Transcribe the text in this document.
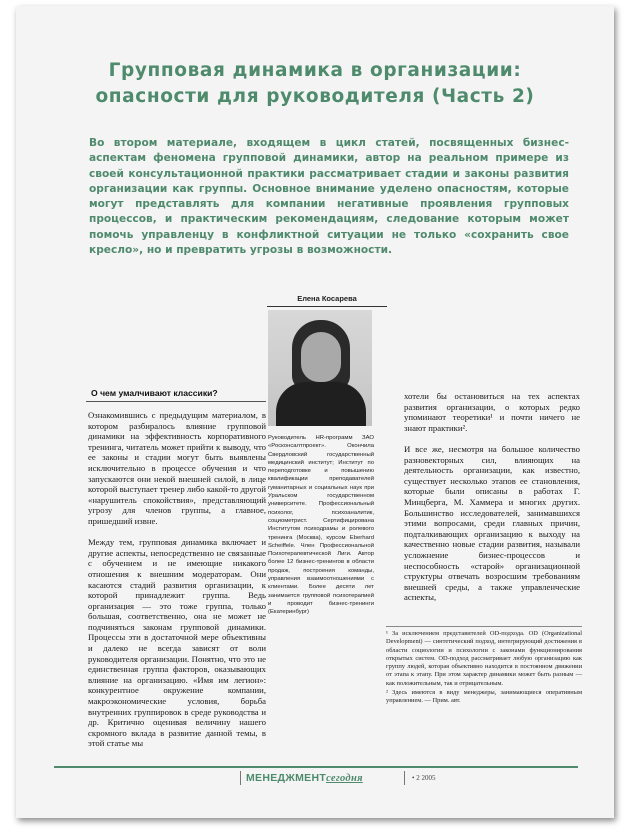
Групповая динамика в организации:
опасности для руководителя (Часть 2)

Во втором материале, входящем в цикл статей, посвященных бизнес-аспектам феномена групповой динамики, автор на реальном примере из своей консультационной практики рассматривает стадии и законы развития организации как группы. Основное внимание уделено опасностям, которые могут представлять для компании негативные проявления групповых процессов, и практическим рекомендациям, следование которым может помочь управленцу в конфликтной ситуации не только «сохранить свое кресло», но и превратить угрозы в возможности.

Елена Косарева

Руководитель HR-программ ЗАО «Росконсалтпроект». Окончила Свердловский государственный медицинский институт; Институт по переподготовке и повышению квалификации преподавателей гуманитарных и социальных наук при Уральском государственном университете. Профессиональный психолог, психоаналитик, социометрист. Сертифицирована Институтом психодрамы и ролевого тренинга (Москва), курсом Eberhard Scheiffele. Член Профессиональной Психотерапевтической Лиги. Автор более 12 бизнес-тренингов в области продаж, построения команды, управления взаимоотношениями с клиентами. Более десяти лет занимается групповой психотерапией и проводит бизнес-тренинги (Екатеринбург)

О чем умалчивают классики?

Ознакомившись с предыдущим материалом, в котором разбиралось влияние групповой динамики на эффективность корпоративного тренинга, читатель может прийти к выводу, что ее законы и стадии могут быть выявлены исключительно в процессе обучения и что запускаются они некой внешней силой, в лице которой выступает тренер либо какой-то другой «нарушитель спокойствия», представляющий угрозу для членов группы, а главное, пришедший извне.

Между тем, групповая динамика включает и другие аспекты, непосредственно не связанные с обучением и не имеющие никакого отношения к внешним модераторам. Они касаются стадий развития организации, к которой принадлежит группа. Ведь организация — это тоже группа, только большая, соответственно, она не может не подчиняться законам групповой динамики. Процессы эти в достаточной мере объективны и далеко не всегда зависят от воли руководителя организации. Понятно, что это не единственная группа факторов, оказывающих влияние на организацию. «Имя им легион»: конкурентное окружение компании, макроэкономические условия, борьба внутренних группировок в среде руководства и др. Критично оценивая величину нашего скромного вклада в развитие данной темы, в этой статье мы

хотели бы остановиться на тех аспектах развития организации, о которых редко упоминают теоретики¹ и почти ничего не знают практики².

И все же, несмотря на большое количество разновекторных сил, влияющих на деятельность организации, как известно, существует несколько этапов ее становления, которые были описаны в работах Г. Минцберга, М. Хаммера и многих других. Большинство исследователей, занимавшихся этими вопросами, среди главных причин, подталкивающих организацию к выходу на качественно новые стадии развития, называли усложнение бизнес-процессов и неспособность «старой» организационной структуры отвечать возросшим требованиям внешней среды, а также управленческие аспекты,

¹ За исключением представителей OD-подхода. OD (Organizational Development) — синтетический подход, интегрирующий достижения в области социологии и психологии с законами функционирования открытых систем. OD-подход рассматривает любую организацию как группу людей, которая объективно находится в постоянном движении от этапа к этапу. При этом характер динамики может быть разным — как положительным, так и отрицательным.

² Здесь имеются в виду менеджеры, занимающиеся оперативным управлением. — Прим. авт.

МЕНЕДЖМЕНТсегодня	• 2 2005
